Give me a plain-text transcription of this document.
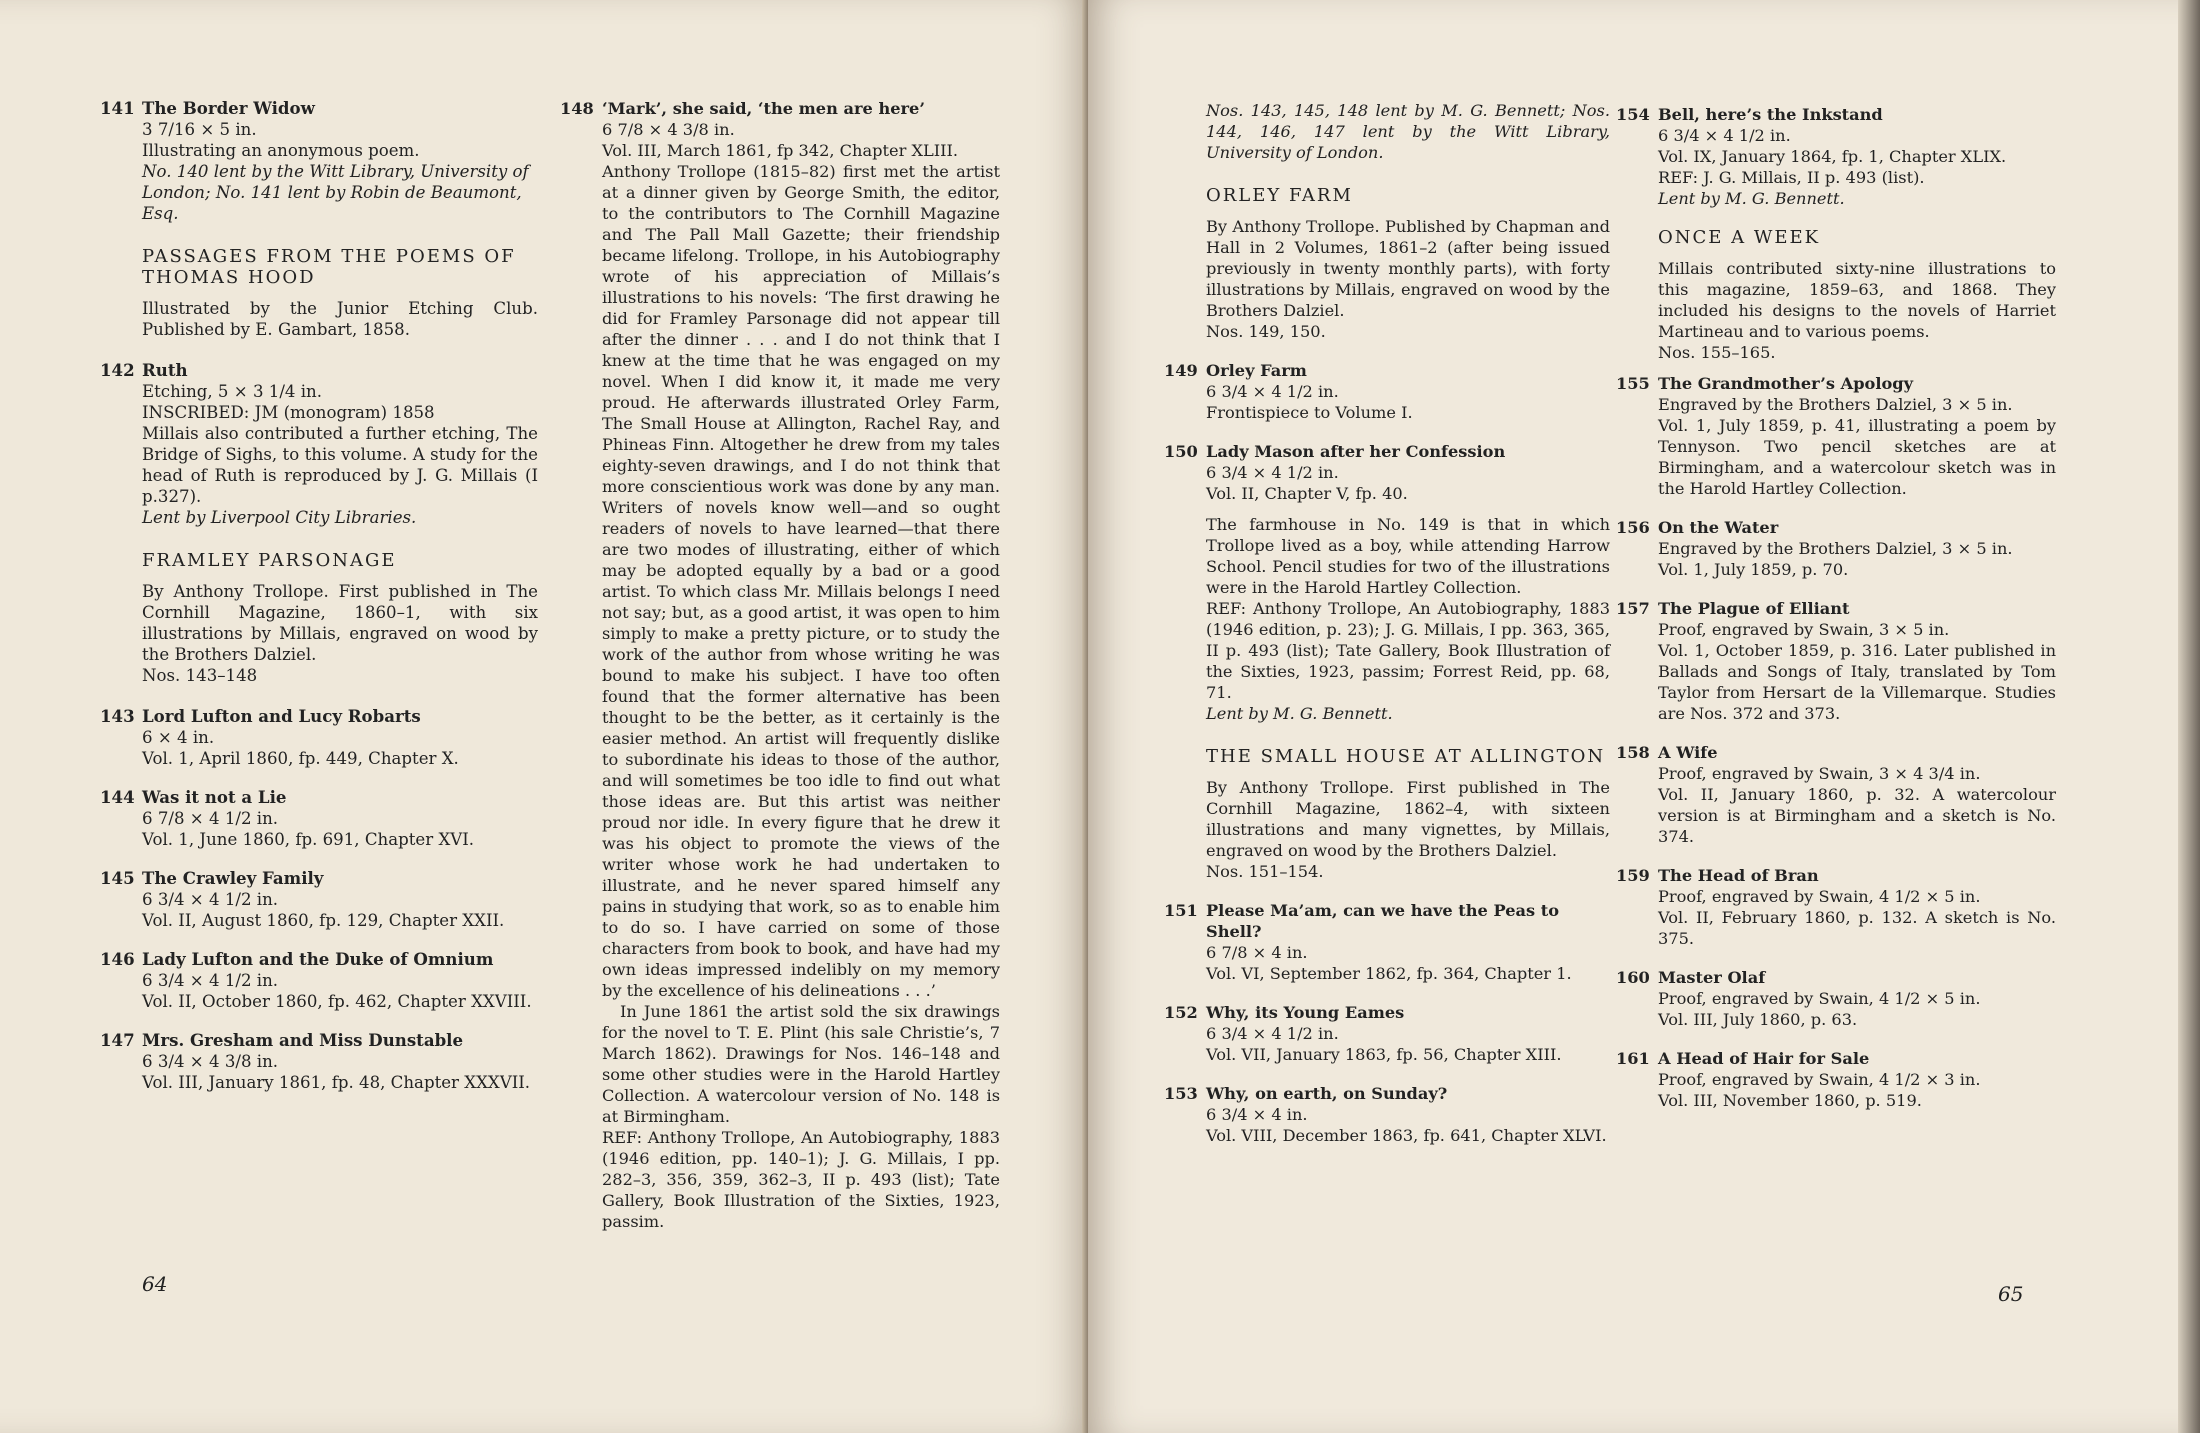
141 The Border Widow
3 7/16 × 5 in.
Illustrating an anonymous poem.
No. 140 lent by the Witt Library, University of London; No. 141 lent by Robin de Beaumont, Esq.
PASSAGES FROM THE POEMS OF THOMAS HOOD
Illustrated by the Junior Etching Club. Published by E. Gambart, 1858.
142 Ruth
Etching, 5 × 3 1/4 in.
INSCRIBED: JM (monogram) 1858
Millais also contributed a further etching, The Bridge of Sighs, to this volume. A study for the head of Ruth is reproduced by J. G. Millais (I p.327).
Lent by Liverpool City Libraries.
FRAMLEY PARSONAGE
By Anthony Trollope. First published in The Cornhill Magazine, 1860–1, with six illustrations by Millais, engraved on wood by the Brothers Dalziel.
Nos. 143–148
143 Lord Lufton and Lucy Robarts
6 × 4 in.
Vol. 1, April 1860, fp. 449, Chapter X.
144 Was it not a Lie
6 7/8 × 4 1/2 in.
Vol. 1, June 1860, fp. 691, Chapter XVI.
145 The Crawley Family
6 3/4 × 4 1/2 in.
Vol. II, August 1860, fp. 129, Chapter XXII.
146 Lady Lufton and the Duke of Omnium
6 3/4 × 4 1/2 in.
Vol. II, October 1860, fp. 462, Chapter XXVIII.
147 Mrs. Gresham and Miss Dunstable
6 3/4 × 4 3/8 in.
Vol. III, January 1861, fp. 48, Chapter XXXVII.
148 ‘Mark’, she said, ‘the men are here’
6 7/8 × 4 3/8 in.
Vol. III, March 1861, fp 342, Chapter XLIII.
Anthony Trollope (1815–82) first met the artist at a dinner given by George Smith, the editor, to the contributors to The Cornhill Magazine and The Pall Mall Gazette; their friendship became lifelong. Trollope, in his Autobiography wrote of his appreciation of Millais’s illustrations to his novels: ‘The first drawing he did for Framley Parsonage did not appear till after the dinner . . . and I do not think that I knew at the time that he was engaged on my novel. When I did know it, it made me very proud. He afterwards illustrated Orley Farm, The Small House at Allington, Rachel Ray, and Phineas Finn. Altogether he drew from my tales eighty-seven drawings, and I do not think that more conscientious work was done by any man. Writers of novels know well—and so ought readers of novels to have learned—that there are two modes of illustrating, either of which may be adopted equally by a bad or a good artist. To which class Mr. Millais belongs I need not say; but, as a good artist, it was open to him simply to make a pretty picture, or to study the work of the author from whose writing he was bound to make his subject. I have too often found that the former alternative has been thought to be the better, as it certainly is the easier method. An artist will frequently dislike to subordinate his ideas to those of the author, and will sometimes be too idle to find out what those ideas are. But this artist was neither proud nor idle. In every figure that he drew it was his object to promote the views of the writer whose work he had undertaken to illustrate, and he never spared himself any pains in studying that work, so as to enable him to do so. I have carried on some of those characters from book to book, and have had my own ideas impressed indelibly on my memory by the excellence of his delineations . . .’
In June 1861 the artist sold the six drawings for the novel to T. E. Plint (his sale Christie’s, 7 March 1862). Drawings for Nos. 146–148 and some other studies were in the Harold Hartley Collection. A watercolour version of No. 148 is at Birmingham.
REF: Anthony Trollope, An Autobiography, 1883 (1946 edition, pp. 140–1); J. G. Millais, I pp. 282–3, 356, 359, 362–3, II p. 493 (list); Tate Gallery, Book Illustration of the Sixties, 1923, passim.
64
Nos. 143, 145, 148 lent by M. G. Bennett; Nos. 144, 146, 147 lent by the Witt Library, University of London.
ORLEY FARM
By Anthony Trollope. Published by Chapman and Hall in 2 Volumes, 1861–2 (after being issued previously in twenty monthly parts), with forty illustrations by Millais, engraved on wood by the Brothers Dalziel.
Nos. 149, 150.
149 Orley Farm
6 3/4 × 4 1/2 in.
Frontispiece to Volume I.
150 Lady Mason after her Confession
6 3/4 × 4 1/2 in.
Vol. II, Chapter V, fp. 40.
The farmhouse in No. 149 is that in which Trollope lived as a boy, while attending Harrow School. Pencil studies for two of the illustrations were in the Harold Hartley Collection.
REF: Anthony Trollope, An Autobiography, 1883 (1946 edition, p. 23); J. G. Millais, I pp. 363, 365, II p. 493 (list); Tate Gallery, Book Illustration of the Sixties, 1923, passim; Forrest Reid, pp. 68, 71.
Lent by M. G. Bennett.
THE SMALL HOUSE AT ALLINGTON
By Anthony Trollope. First published in The Cornhill Magazine, 1862–4, with sixteen illustrations and many vignettes, by Millais, engraved on wood by the Brothers Dalziel.
Nos. 151–154.
151 Please Ma’am, can we have the Peas to Shell?
6 7/8 × 4 in.
Vol. VI, September 1862, fp. 364, Chapter 1.
152 Why, its Young Eames
6 3/4 × 4 1/2 in.
Vol. VII, January 1863, fp. 56, Chapter XIII.
153 Why, on earth, on Sunday?
6 3/4 × 4 in.
Vol. VIII, December 1863, fp. 641, Chapter XLVI.
154 Bell, here’s the Inkstand
6 3/4 × 4 1/2 in.
Vol. IX, January 1864, fp. 1, Chapter XLIX.
REF: J. G. Millais, II p. 493 (list).
Lent by M. G. Bennett.
ONCE A WEEK
Millais contributed sixty-nine illustrations to this magazine, 1859–63, and 1868. They included his designs to the novels of Harriet Martineau and to various poems.
Nos. 155–165.
155 The Grandmother’s Apology
Engraved by the Brothers Dalziel, 3 × 5 in.
Vol. 1, July 1859, p. 41, illustrating a poem by Tennyson. Two pencil sketches are at Birmingham, and a watercolour sketch was in the Harold Hartley Collection.
156 On the Water
Engraved by the Brothers Dalziel, 3 × 5 in.
Vol. 1, July 1859, p. 70.
157 The Plague of Elliant
Proof, engraved by Swain, 3 × 5 in.
Vol. 1, October 1859, p. 316. Later published in Ballads and Songs of Italy, translated by Tom Taylor from Hersart de la Villemarque. Studies are Nos. 372 and 373.
158 A Wife
Proof, engraved by Swain, 3 × 4 3/4 in.
Vol. II, January 1860, p. 32. A watercolour version is at Birmingham and a sketch is No. 374.
159 The Head of Bran
Proof, engraved by Swain, 4 1/2 × 5 in.
Vol. II, February 1860, p. 132. A sketch is No. 375.
160 Master Olaf
Proof, engraved by Swain, 4 1/2 × 5 in.
Vol. III, July 1860, p. 63.
161 A Head of Hair for Sale
Proof, engraved by Swain, 4 1/2 × 3 in.
Vol. III, November 1860, p. 519.
65
